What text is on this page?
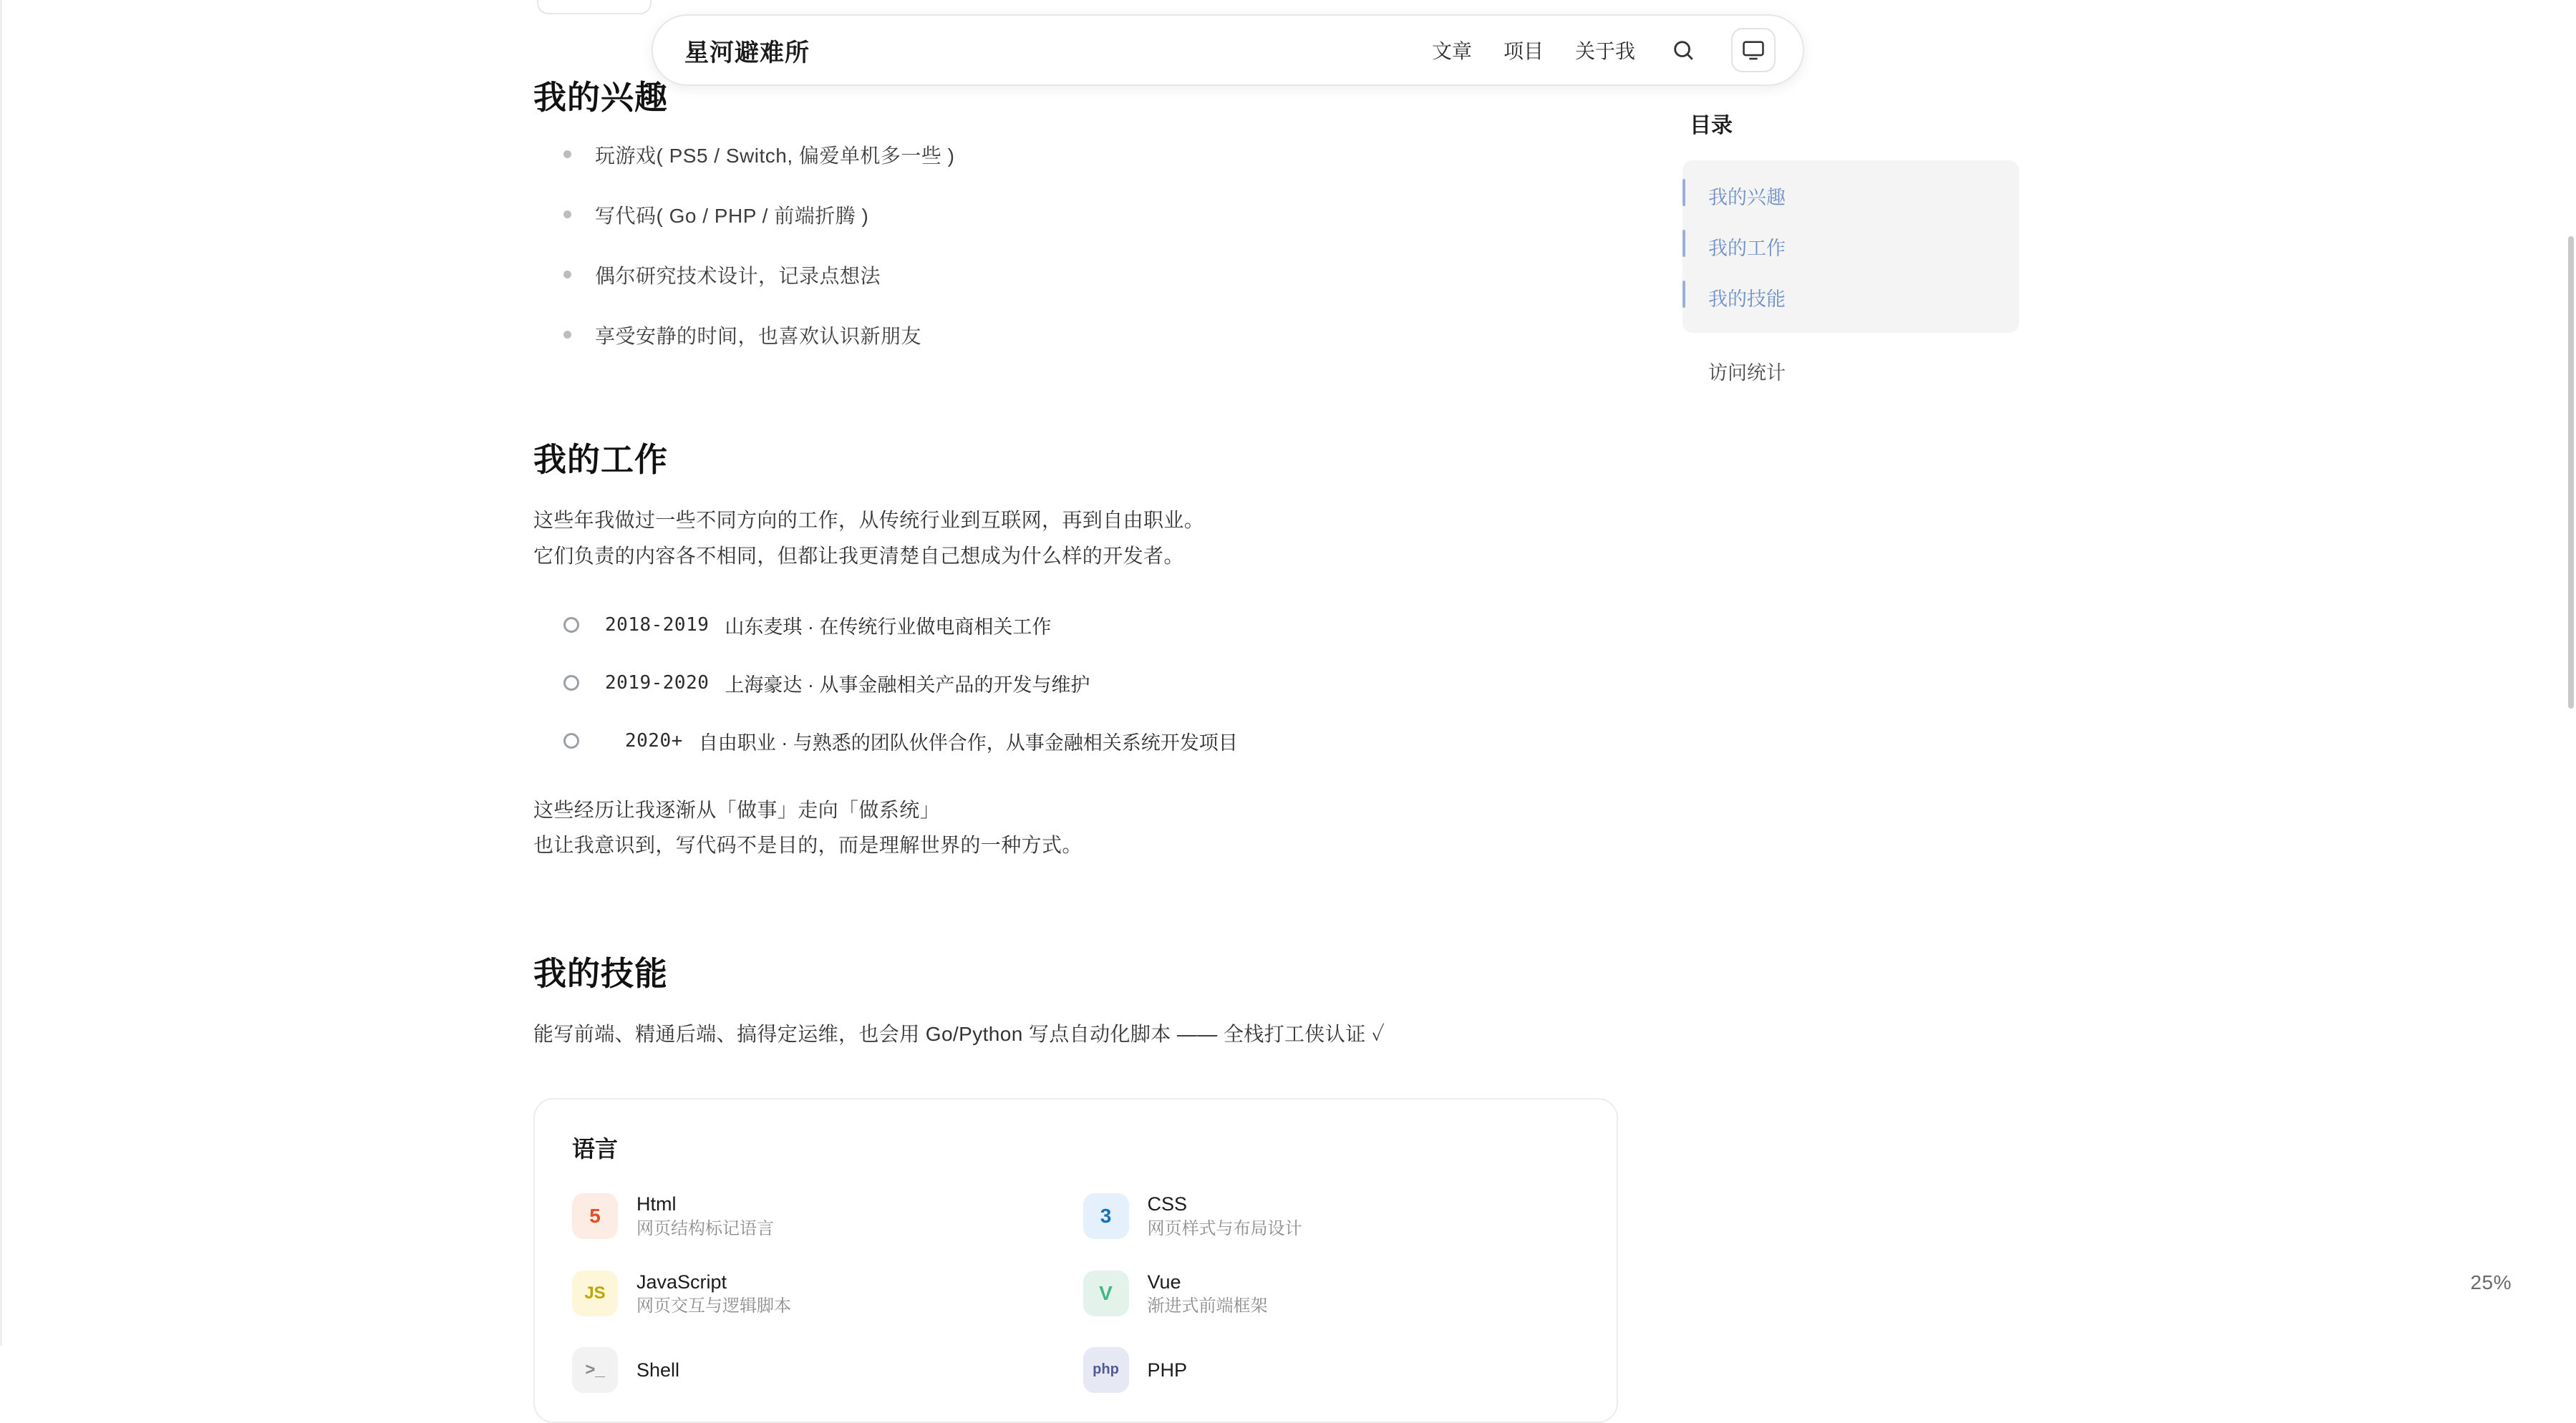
星河避难所	文章 项目 关于我
我的兴趣
玩游戏( PS5 / Switch, 偏爱单机多一些 )
写代码( Go / PHP / 前端折腾 )
偶尔研究技术设计，记录点想法
享受安静的时间，也喜欢认识新朋友
我的工作

这些年我做过一些不同方向的工作，从传统行业到互联网，再到自由职业。

它们负责的内容各不相同，但都让我更清楚自己想成为什么样的开发者。

2018-2019 山东麦琪 · 在传统行业做电商相关工作
2019-2020 上海豪达 · 从事金融相关产品的开发与维护
2020+ 自由职业 · 与熟悉的团队伙伴合作，从事金融相关系统开发项目

这些经历让我逐渐从「做事」走向「做系统」

也让我意识到，写代码不是目的，而是理解世界的一种方式。

我的技能

能写前端、精通后端、搞得定运维，也会用 Go/Python 写点自动化脚本 —— 全栈打工侠认证 ✓

语言
5
Html
网页结构标记语言
3
CSS
网页样式与布局设计
JS
JavaScript
网页交互与逻辑脚本
V
Vue
渐进式前端框架
>_	Shell	php	PHP
目录
我的兴趣
我的工作
我的技能
访问统计
25%
